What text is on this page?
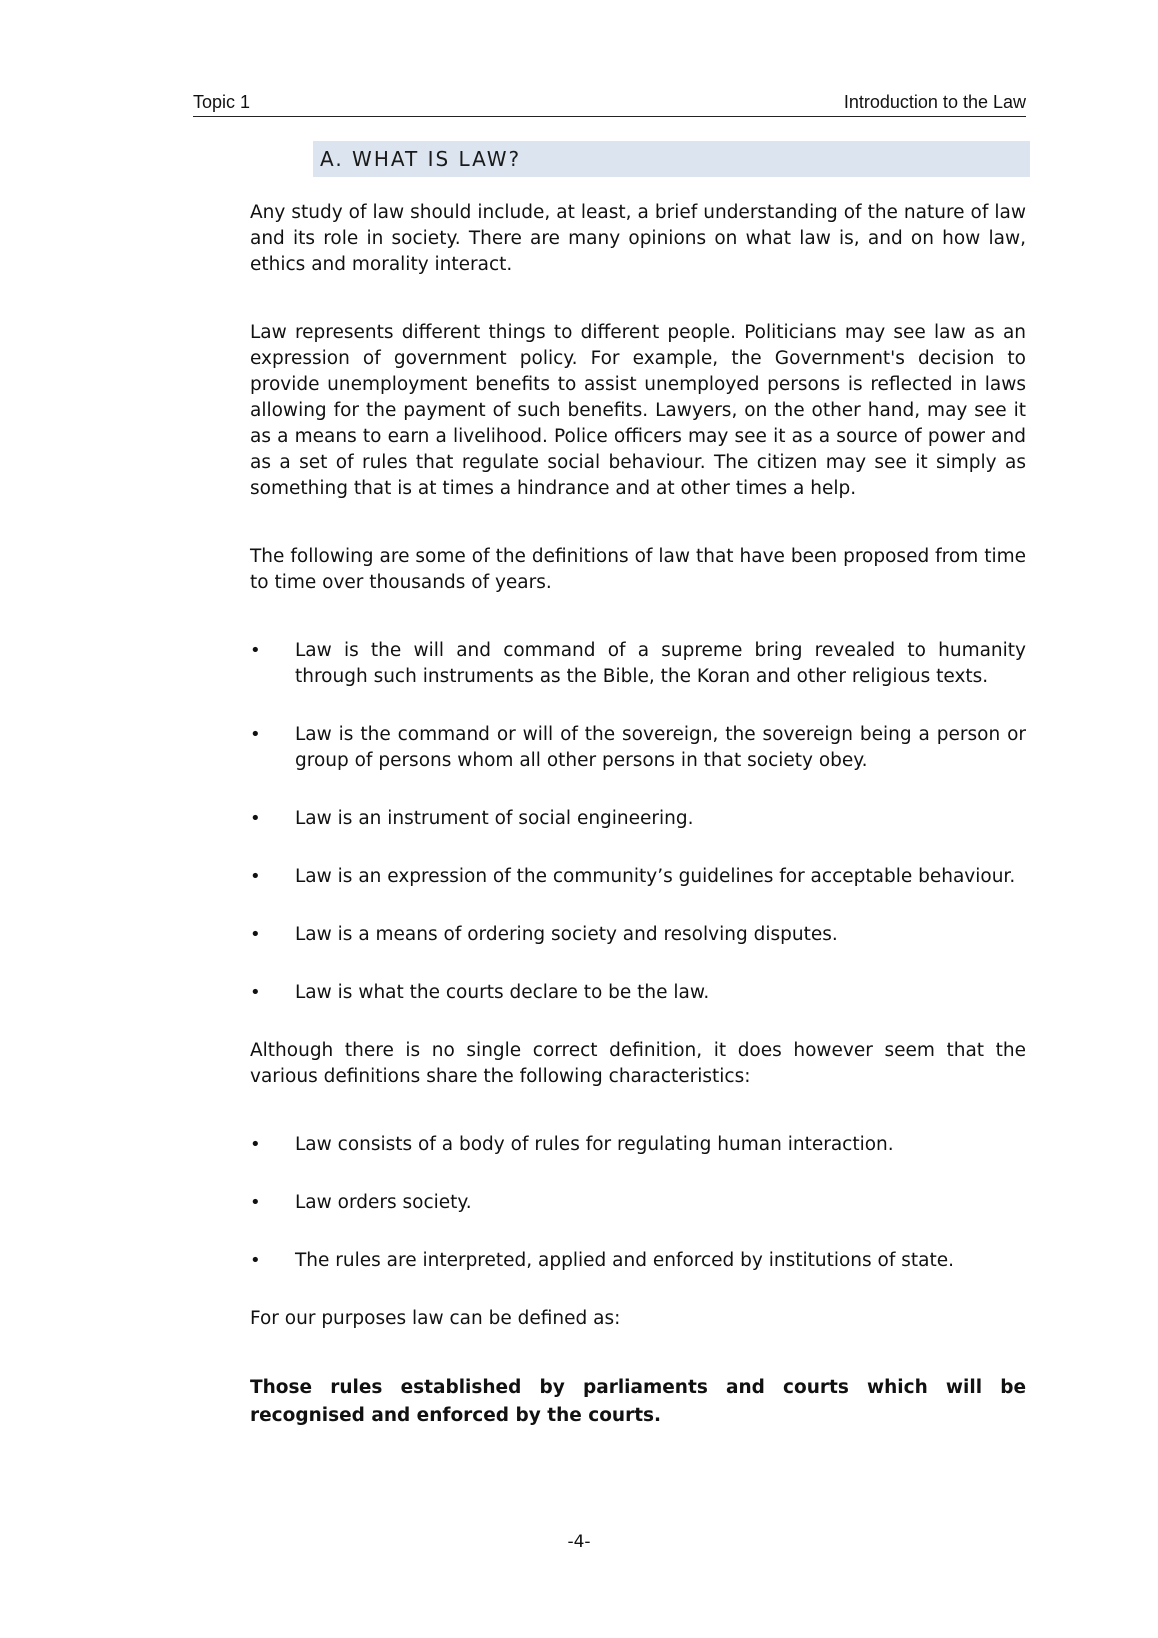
Topic 1	Introduction to the Law
A. WHAT IS LAW?

Any study of law should include, at least, a brief understanding of the nature of law and its role in society. There are many opinions on what law is, and on how law, ethics and morality interact.

Law represents different things to different people. Politicians may see law as an expression of government policy. For example, the Government's decision to provide unemployment benefits to assist unemployed persons is reflected in laws allowing for the payment of such benefits. Lawyers, on the other hand, may see it as a means to earn a livelihood. Police officers may see it as a source of power and as a set of rules that regulate social behaviour. The citizen may see it simply as something that is at times a hindrance and at other times a help.

The following are some of the definitions of law that have been proposed from time to time over thousands of years.

• Law is the will and command of a supreme bring revealed to humanity through such instruments as the Bible, the Koran and other religious texts.
• Law is the command or will of the sovereign, the sovereign being a person or group of persons whom all other persons in that society obey.
• Law is an instrument of social engineering.
• Law is an expression of the community’s guidelines for acceptable behaviour.
• Law is a means of ordering society and resolving disputes.
• Law is what the courts declare to be the law.

Although there is no single correct definition, it does however seem that the various definitions share the following characteristics:

• Law consists of a body of rules for regulating human interaction.
• Law orders society.
• The rules are interpreted, applied and enforced by institutions of state.

For our purposes law can be defined as:

Those rules established by parliaments and courts which will be recognised and enforced by the courts.

-4-
